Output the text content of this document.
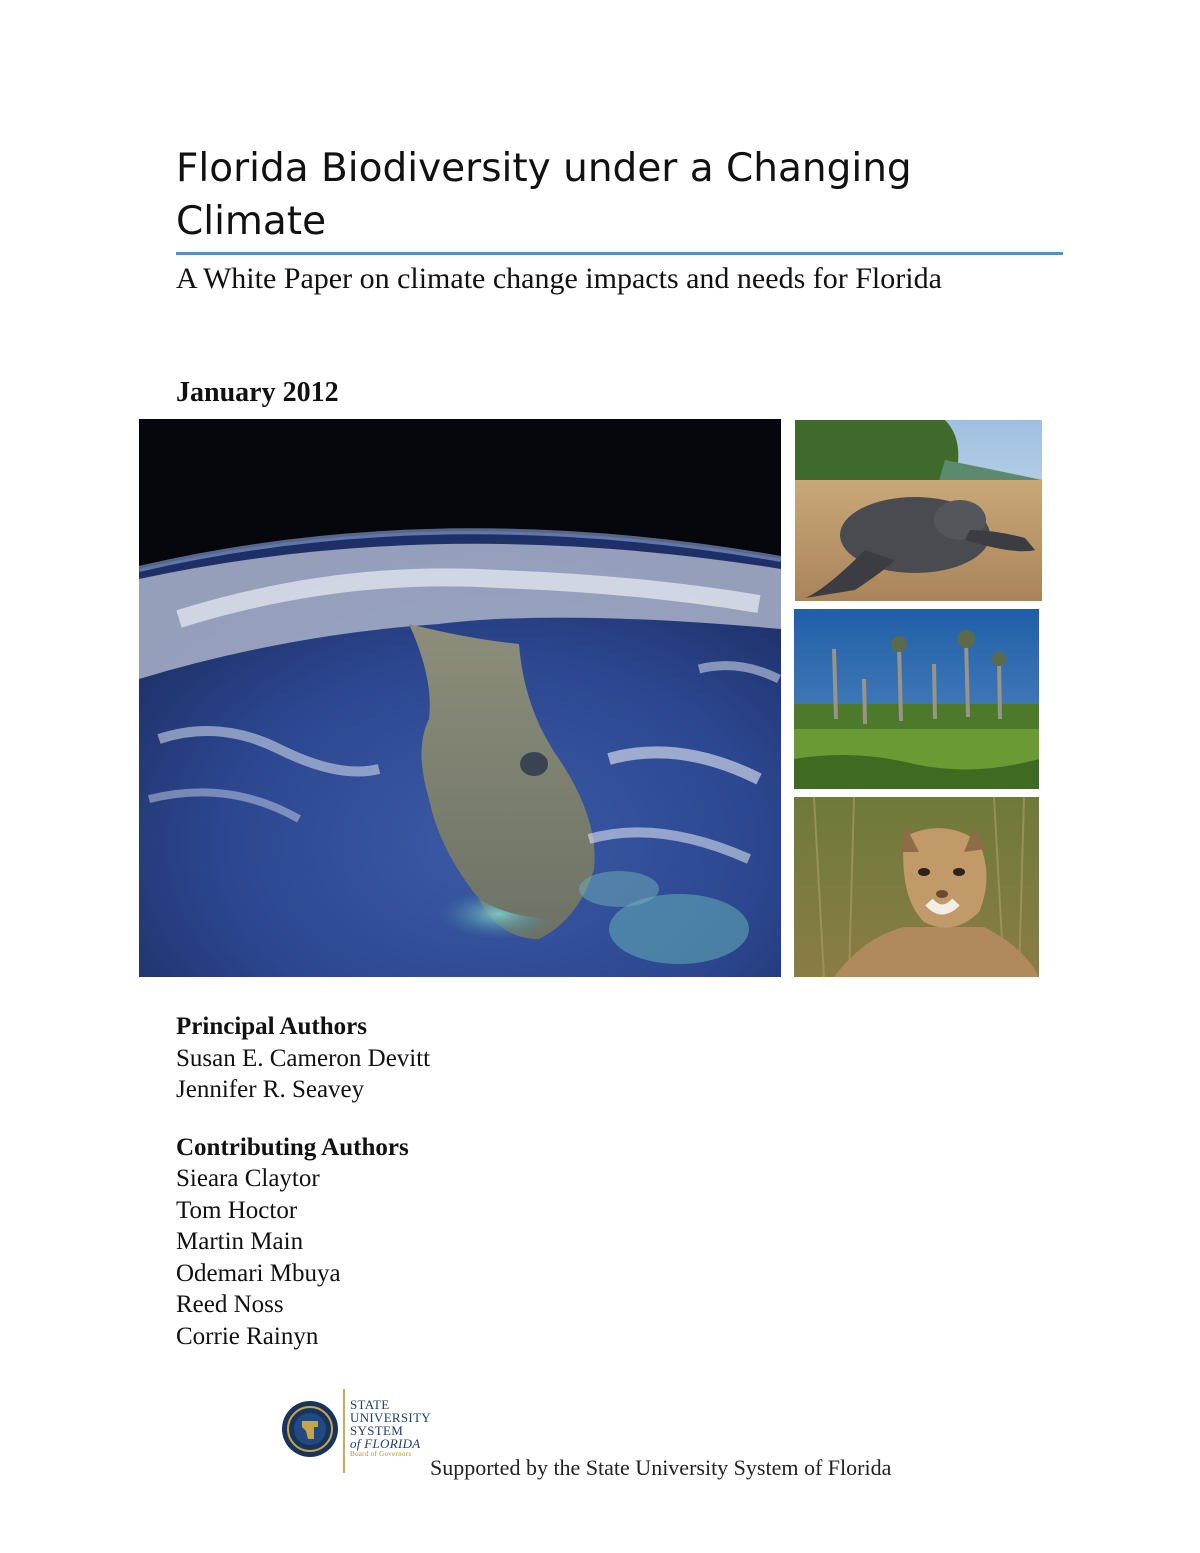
Florida Biodiversity under a Changing Climate
A White Paper on climate change impacts and needs for Florida
January 2012
Principal Authors
Susan E. Cameron Devitt
Jennifer R. Seavey
Contributing Authors
Sieara Claytor
Tom Hoctor
Martin Main
Odemari Mbuya
Reed Noss
Corrie Rainyn
STATE
UNIVERSITY
SYSTEM
of FLORIDA
Board of Governors
Supported by the State University System of Florida
